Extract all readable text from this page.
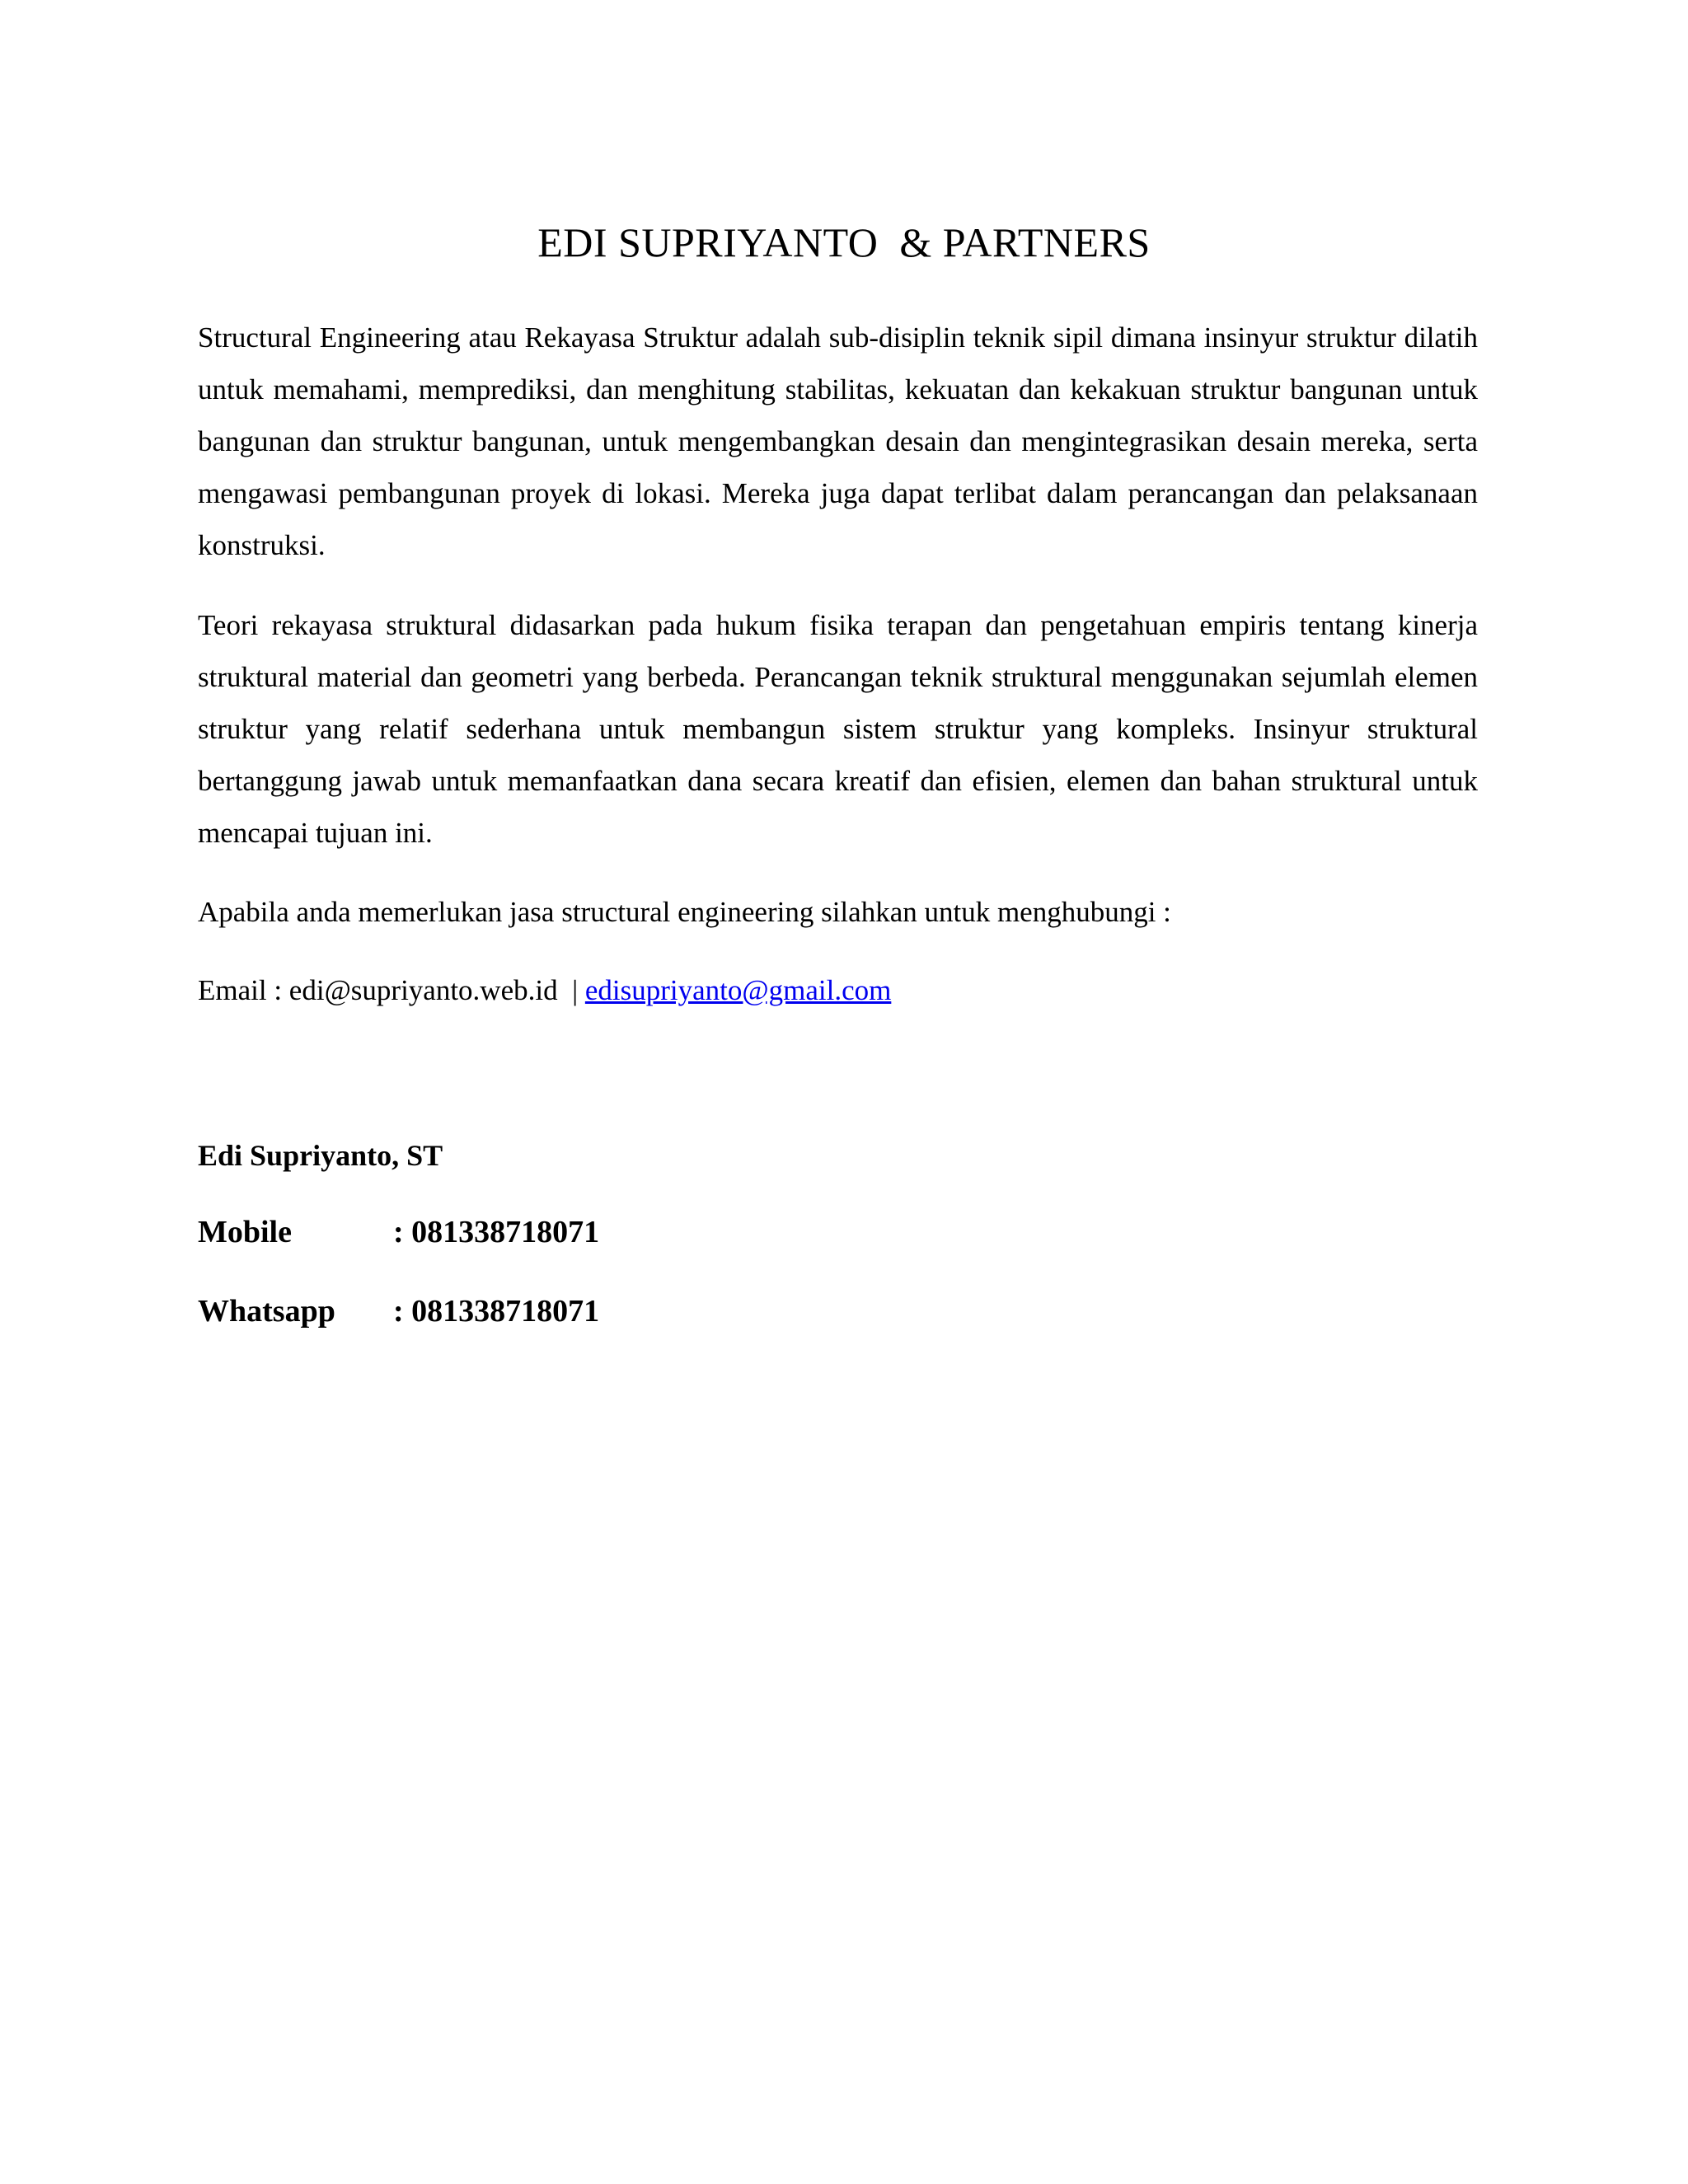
EDI SUPRIYANTO  & PARTNERS
Structural Engineering atau Rekayasa Struktur adalah sub-disiplin teknik sipil dimana insinyur struktur dilatih untuk memahami, memprediksi, dan menghitung stabilitas, kekuatan dan kekakuan struktur bangunan untuk bangunan dan struktur bangunan, untuk mengembangkan desain dan mengintegrasikan desain mereka, serta mengawasi pembangunan proyek di lokasi. Mereka juga dapat terlibat dalam perancangan dan pelaksanaan konstruksi.
Teori rekayasa struktural didasarkan pada hukum fisika terapan dan pengetahuan empiris tentang kinerja struktural material dan geometri yang berbeda. Perancangan teknik struktural menggunakan sejumlah elemen struktur yang relatif sederhana untuk membangun sistem struktur yang kompleks. Insinyur struktural bertanggung jawab untuk memanfaatkan dana secara kreatif dan efisien, elemen dan bahan struktural untuk mencapai tujuan ini.
Apabila anda memerlukan jasa structural engineering silahkan untuk menghubungi :
Email : edi@supriyanto.web.id  | edisupriyanto@gmail.com
Edi Supriyanto, ST
Mobile	: 081338718071
Whatsapp : 081338718071
